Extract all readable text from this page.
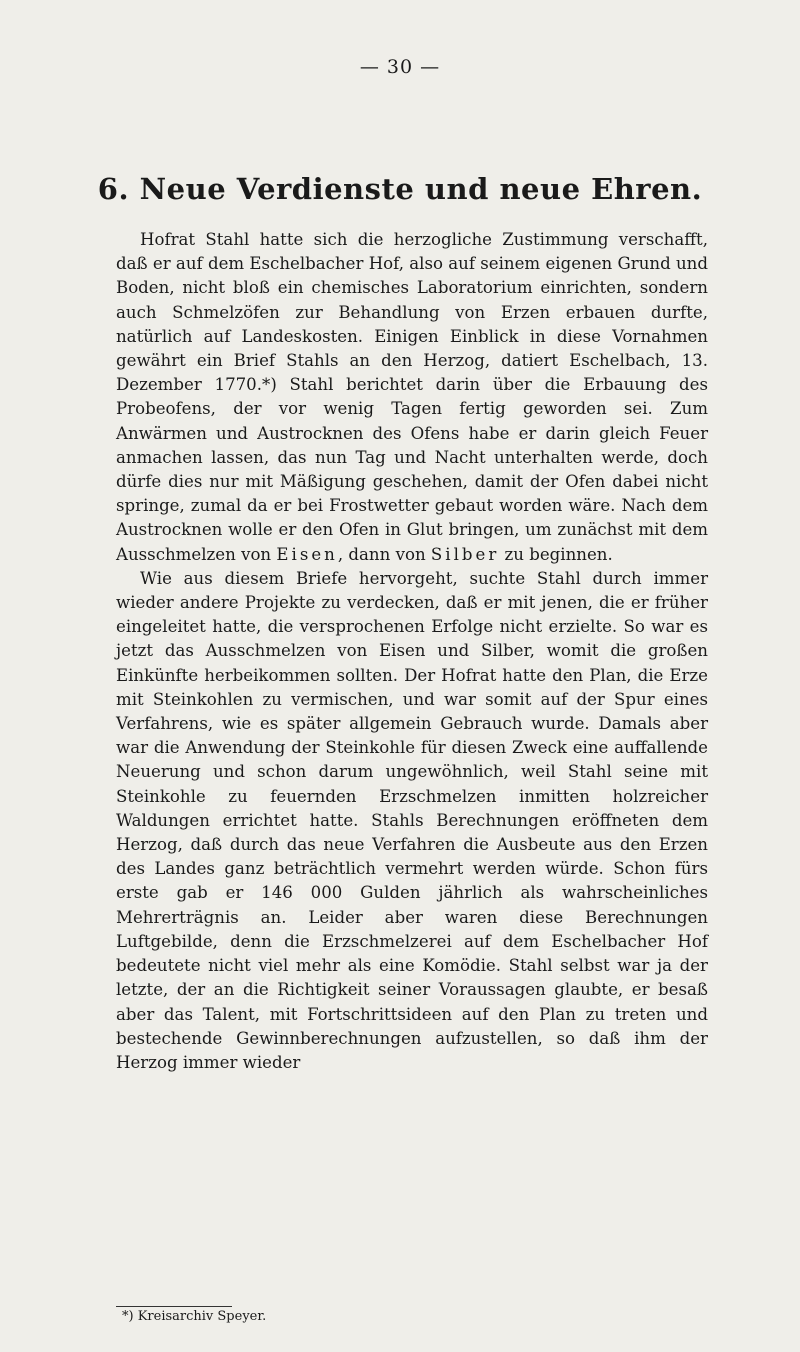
— 30 —
6. Neue Verdienste und neue Ehren.

Hofrat Stahl hatte sich die herzogliche Zustimmung verschafft, daß er auf dem Eschelbacher Hof, also auf seinem eigenen Grund und Boden, nicht bloß ein chemisches Laboratorium einrichten, sondern auch Schmelzöfen zur Behandlung von Erzen erbauen durfte, natürlich auf Landeskosten. Einigen Einblick in diese Vornahmen gewährt ein Brief Stahls an den Herzog, datiert Eschelbach, 13. Dezember 1770.*) Stahl berichtet darin über die Erbauung des Probeofens, der vor wenig Tagen fertig geworden sei. Zum Anwärmen und Austrocknen des Ofens habe er darin gleich Feuer anmachen lassen, das nun Tag und Nacht unterhalten werde, doch dürfe dies nur mit Mäßigung geschehen, damit der Ofen dabei nicht springe, zumal da er bei Frostwetter gebaut worden wäre. Nach dem Austrocknen wolle er den Ofen in Glut bringen, um zunächst mit dem Ausschmelzen von Eisen, dann von Silber zu beginnen.

Wie aus diesem Briefe hervorgeht, suchte Stahl durch immer wieder andere Projekte zu verdecken, daß er mit jenen, die er früher eingeleitet hatte, die versprochenen Erfolge nicht erzielte. So war es jetzt das Ausschmelzen von Eisen und Silber, womit die großen Einkünfte herbeikommen sollten. Der Hofrat hatte den Plan, die Erze mit Steinkohlen zu vermischen, und war somit auf der Spur eines Verfahrens, wie es später allgemein Gebrauch wurde. Damals aber war die Anwendung der Steinkohle für diesen Zweck eine auffallende Neuerung und schon darum ungewöhnlich, weil Stahl seine mit Steinkohle zu feuernden Erzschmelzen inmitten holzreicher Waldungen errichtet hatte. Stahls Berechnungen eröffneten dem Herzog, daß durch das neue Verfahren die Ausbeute aus den Erzen des Landes ganz beträchtlich vermehrt werden würde. Schon fürs erste gab er 146 000 Gulden jährlich als wahrscheinliches Mehrerträgnis an. Leider aber waren diese Berechnungen Luftgebilde, denn die Erzschmelzerei auf dem Eschelbacher Hof bedeutete nicht viel mehr als eine Komödie. Stahl selbst war ja der letzte, der an die Richtigkeit seiner Voraussagen glaubte, er besaß aber das Talent, mit Fortschrittsideen auf den Plan zu treten und bestechende Gewinnberechnungen aufzustellen, so daß ihm der Herzog immer wieder

*) Kreisarchiv Speyer.
